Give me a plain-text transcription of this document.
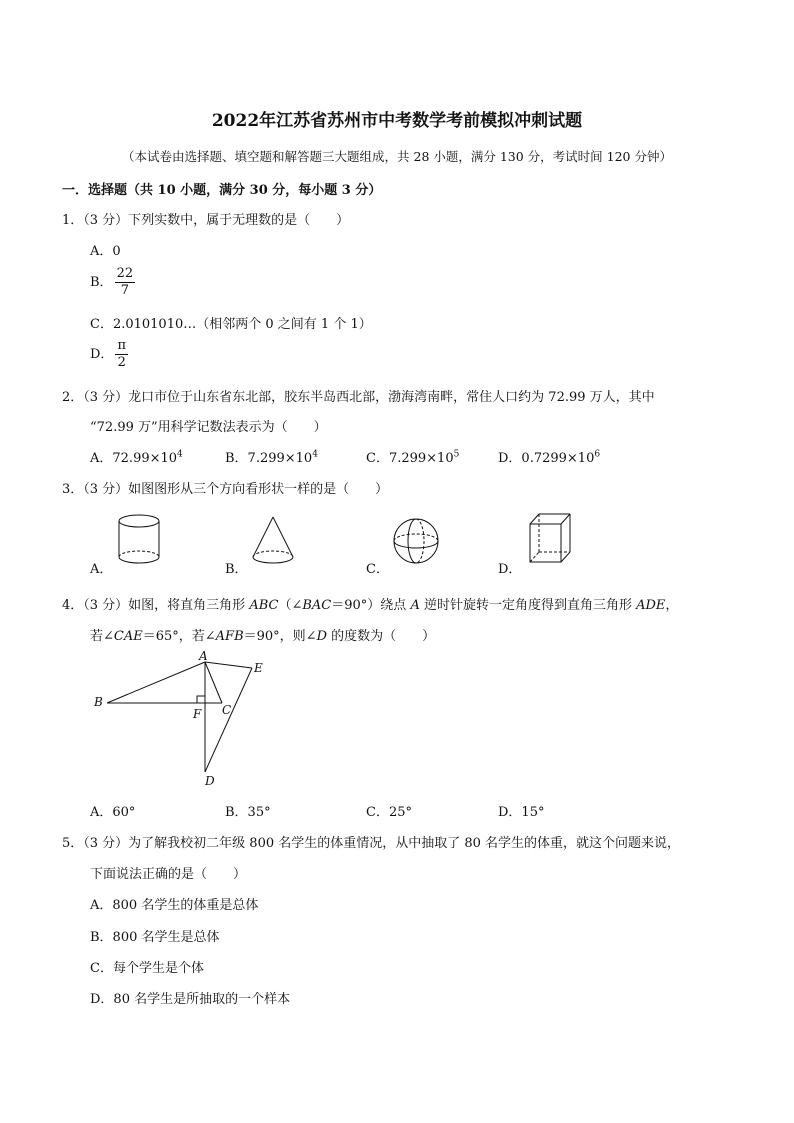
2022年江苏省苏州市中考数学考前模拟冲刺试题
（本试卷由选择题、填空题和解答题三大题组成，共 28 小题，满分 130 分，考试时间 120 分钟）
一．选择题（共 10 小题，满分 30 分，每小题 3 分）
1．（3 分）下列实数中，属于无理数的是（　　）
A．0
B． $\frac{22}{7}$
C．2.0101010…（相邻两个 0 之间有 1 个 1）
D． $\frac{\pi}{2}$
2．（3 分）龙口市位于山东省东北部，胶东半岛西北部，渤海湾南畔，常住人口约为 72.99 万人，其中
“72.99 万”用科学记数法表示为（　　）
A．$72.99\times 10^4$	B．$7.299\times 10^4$	C．$7.299\times 10^5$	D．$0.7299\times 10^6$
3．（3 分）如图图形从三个方向看形状一样的是（　　）
A．	B．	C．	D．
4．（3 分）如图，将直角三角形 ABC（∠BAC＝90°）绕点 A 逆时针旋转一定角度得到直角三角形 ADE，
若∠CAE＝65°，若∠AFB＝90°，则∠D 的度数为（　　）
A
B
C
D
E
F
A．60°	B．35°	C．25°	D．15°
5．（3 分）为了解我校初二年级 800 名学生的体重情况，从中抽取了 80 名学生的体重，就这个问题来说，
下面说法正确的是（　　）
A．800 名学生的体重是总体
B．800 名学生是总体
C．每个学生是个体
D．80 名学生是所抽取的一个样本
